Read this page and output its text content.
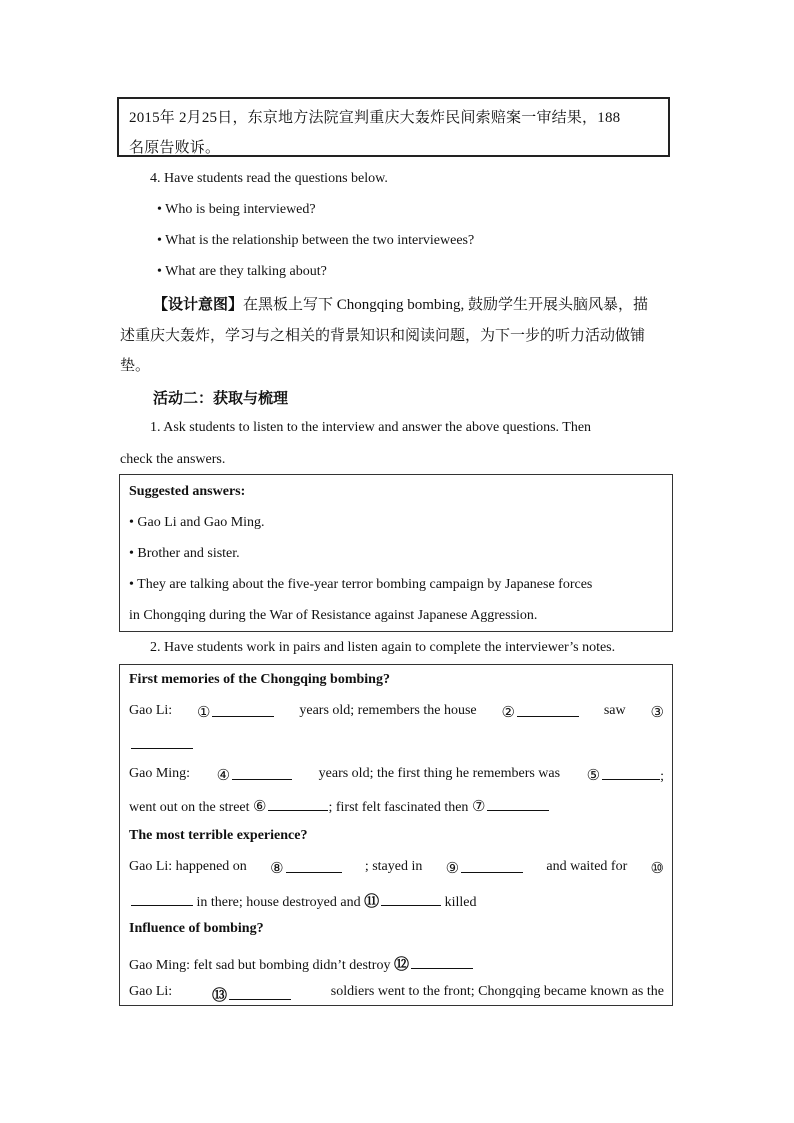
2015年 2月25日，东京地方法院宣判重庆大轰炸民间索赔案一审结果，188
名原告败诉。
4. Have students read the questions below.
• Who is being interviewed?
• What is the relationship between the two interviewees?
• What are they talking about?
【设计意图】在黑板上写下 Chongqing bombing, 鼓励学生开展头脑风暴，描
述重庆大轰炸，学习与之相关的背景知识和阅读问题，为下一步的听力活动做铺
垫。
活动二：获取与梳理
1. Ask students to listen to the interview and answer the above questions. Then
check the answers.
Suggested answers:
• Gao Li and Gao Ming.
• Brother and sister.
• They are talking about the five-year terror bombing campaign by Japanese forces
in Chongqing during the War of Resistance against Japanese Aggression.
2. Have students work in pairs and listen again to complete the interviewer’s notes.
First memories of the Chongqing bombing?
Gao Li: ①	years old; remembers the house ②	saw ③
Gao Ming: ④	years old; the first thing he remembers was ⑤	;
went out on the street ⑥	; first felt fascinated then ⑦
The most terrible experience?
Gao Li: happened on ⑧	; stayed in ⑨	and waited for ⑩
in there; house destroyed and ⑪	killed
Influence of bombing?
Gao Ming: felt sad but bombing didn’t destroy ⑫
Gao Li:	⑬	soldiers went to the front; Chongqing became known as the
